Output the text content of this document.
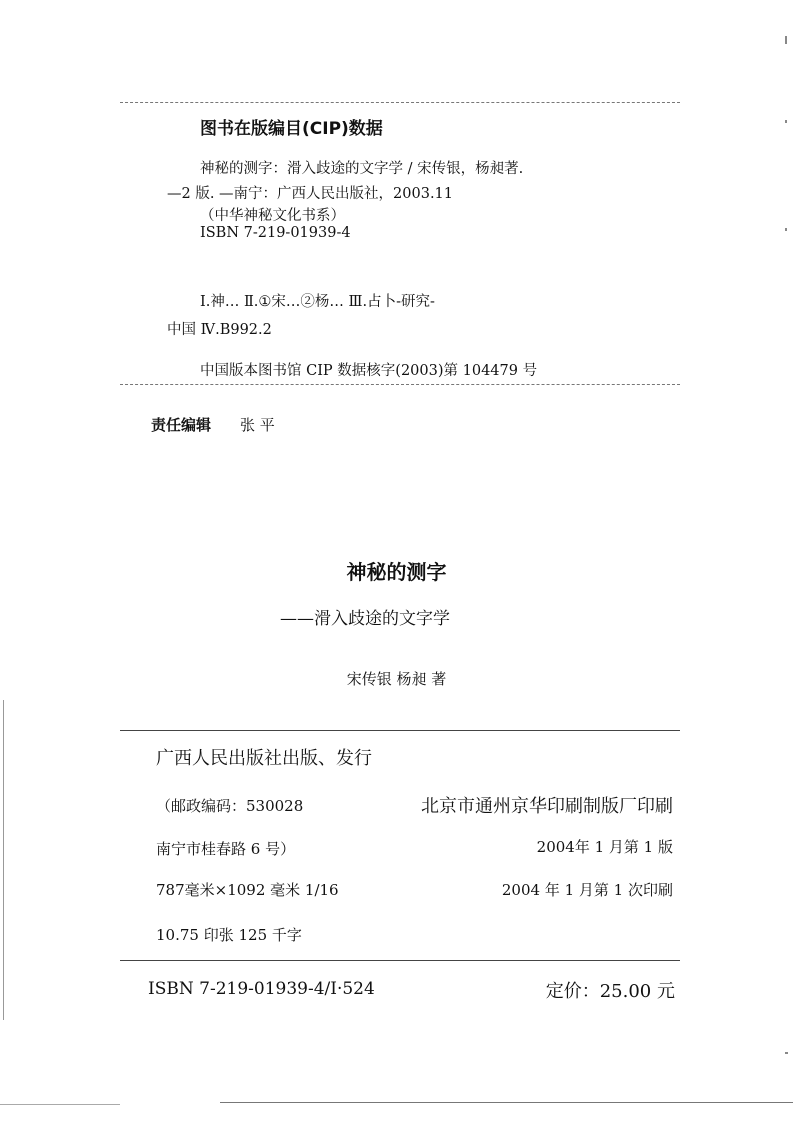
图书在版编目(CIP)数据
神秘的测字：滑入歧途的文字学 / 宋传银，杨昶著.
—2 版. —南宁：广西人民出版社，2003.11
（中华神秘文化书系）
ISBN 7-219-01939-4
Ⅰ.神… Ⅱ.①宋…②杨… Ⅲ.占卜-研究-
中国 Ⅳ.B992.2
中国版本图书馆 CIP 数据核字(2003)第 104479 号
责任编辑 张 平
神秘的测字
——滑入歧途的文字学
宋传银 杨昶 著
广西人民出版社出版、发行
（邮政编码：530028	北京市通州京华印刷制版厂印刷
南宁市桂春路 6 号）	2004年 1 月第 1 版
787毫米×1092 毫米 1/16	2004 年 1 月第 1 次印刷
10.75 印张 125 千字
ISBN 7-219-01939-4/I·524	定价：25.00 元
